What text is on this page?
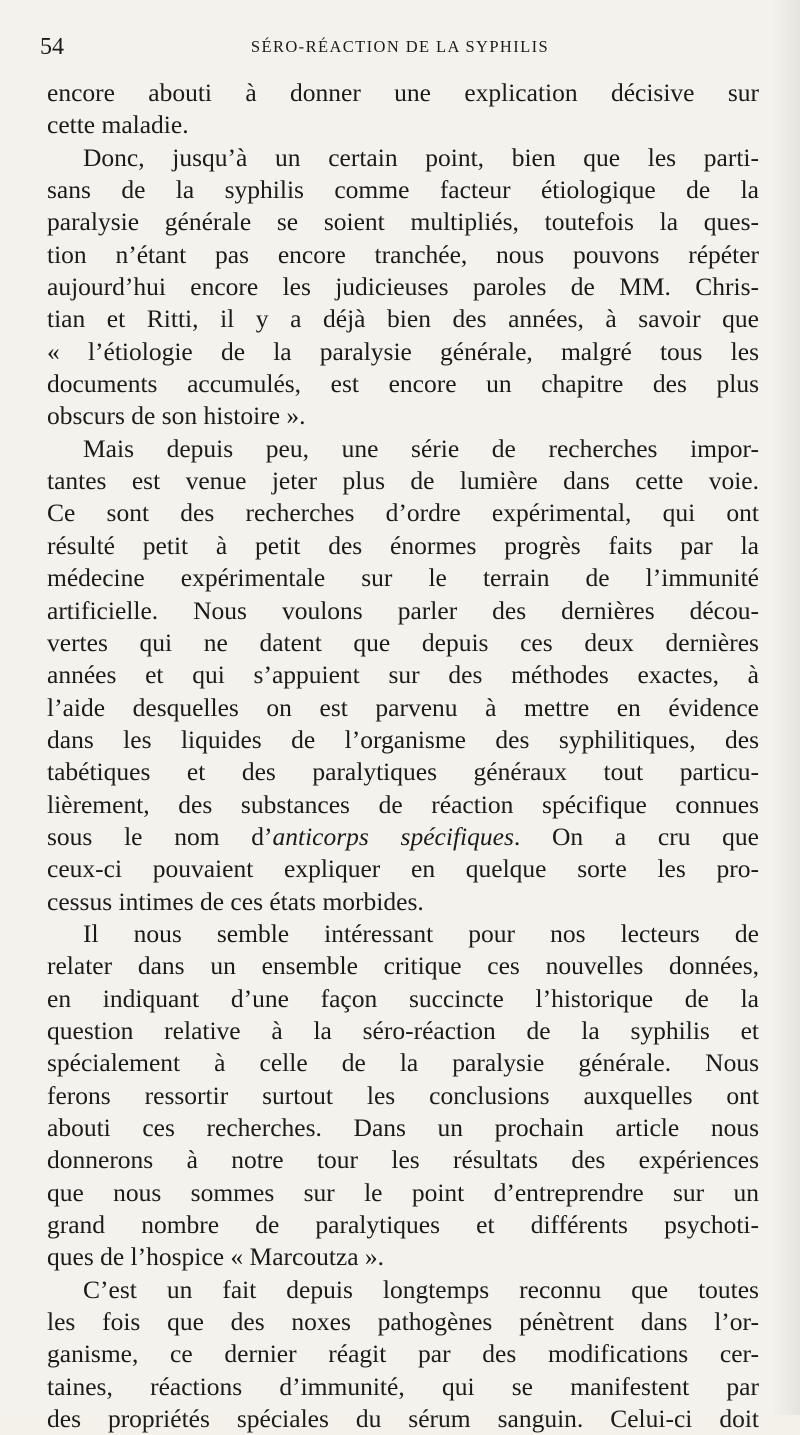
54	SÉRO-RÉACTION DE LA SYPHILIS
encore abouti à donner une explication décisive sur
cette maladie.
Donc, jusqu’à un certain point, bien que les parti-
sans de la syphilis comme facteur étiologique de la
paralysie générale se soient multipliés, toutefois la ques-
tion n’étant pas encore tranchée, nous pouvons répéter
aujourd’hui encore les judicieuses paroles de MM. Chris-
tian et Ritti, il y a déjà bien des années, à savoir que
« l’étiologie de la paralysie générale, malgré tous les
documents accumulés, est encore un chapitre des plus
obscurs de son histoire ».
Mais depuis peu, une série de recherches impor-
tantes est venue jeter plus de lumière dans cette voie.
Ce sont des recherches d’ordre expérimental, qui ont
résulté petit à petit des énormes progrès faits par la
médecine expérimentale sur le terrain de l’immunité
artificielle. Nous voulons parler des dernières décou-
vertes qui ne datent que depuis ces deux dernières
années et qui s’appuient sur des méthodes exactes, à
l’aide desquelles on est parvenu à mettre en évidence
dans les liquides de l’organisme des syphilitiques, des
tabétiques et des paralytiques généraux tout particu-
lièrement, des substances de réaction spécifique connues
sous le nom d’anticorps spécifiques. On a cru que
ceux-ci pouvaient expliquer en quelque sorte les pro-
cessus intimes de ces états morbides.
Il nous semble intéressant pour nos lecteurs de
relater dans un ensemble critique ces nouvelles données,
en indiquant d’une façon succincte l’historique de la
question relative à la séro-réaction de la syphilis et
spécialement à celle de la paralysie générale. Nous
ferons ressortir surtout les conclusions auxquelles ont
abouti ces recherches. Dans un prochain article nous
donnerons à notre tour les résultats des expériences
que nous sommes sur le point d’entreprendre sur un
grand nombre de paralytiques et différents psychoti-
ques de l’hospice « Marcoutza ».
C’est un fait depuis longtemps reconnu que toutes
les fois que des noxes pathogènes pénètrent dans l’or-
ganisme, ce dernier réagit par des modifications cer-
taines, réactions d’immunité, qui se manifestent par
des propriétés spéciales du sérum sanguin. Celui-ci doit
